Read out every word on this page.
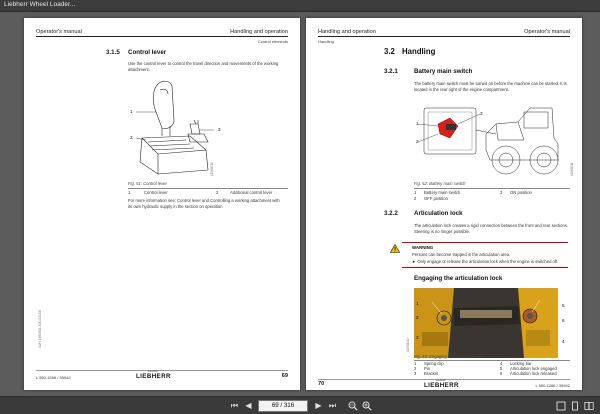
Liebherr Wheel Loader...
Operator's manual	Handling and operation
Control elements
3.1.5 Control lever
Use the control lever to control the travel direction and movements of the working
attachment.
1
2
3
11580010
Fig. 51: Control lever
1	Control lever	2	Additional control lever
For more information see: Control lever and Controlling a working attachment with
its own hydraulic supply in the section on operation
LWH 1580900-1/00-001/00
L 550-1266 / 35942
Liebherr
LIEBHERR	69
Handling and operation	Operator's manual
Handling
3.2 Handling
3.2.1	Battery main switch
The battery main switch must be turned on before the machine can be started. It is
located in the rear right of the engine compartment.
1
2
3
11580011
Fig. 52: Battery main switch
1 Battery main switch
2 OFF position
3 ON position
3.2.2	Articulation lock
The articulation lock creates a rigid connection between the front and rear sections.
Steering is no longer possible.
WARNING
Persons can become trapped in the articulation area.
► Only engage or release the articulation lock when the engine is switched off.
Engaging the articulation lock
1
2
3
4
5
6
11580012
Fig. 53: Engaging the articulation lock:
1 Spring clip
2 Pin
3 Bracket
4 Locking bar
5 Articulation lock engaged
6 Articulation lock released
70
Liebherr
LIEBHERR	L 550-1266 / 35942
⏮ ◀	69 / 316	▶ ⏭
